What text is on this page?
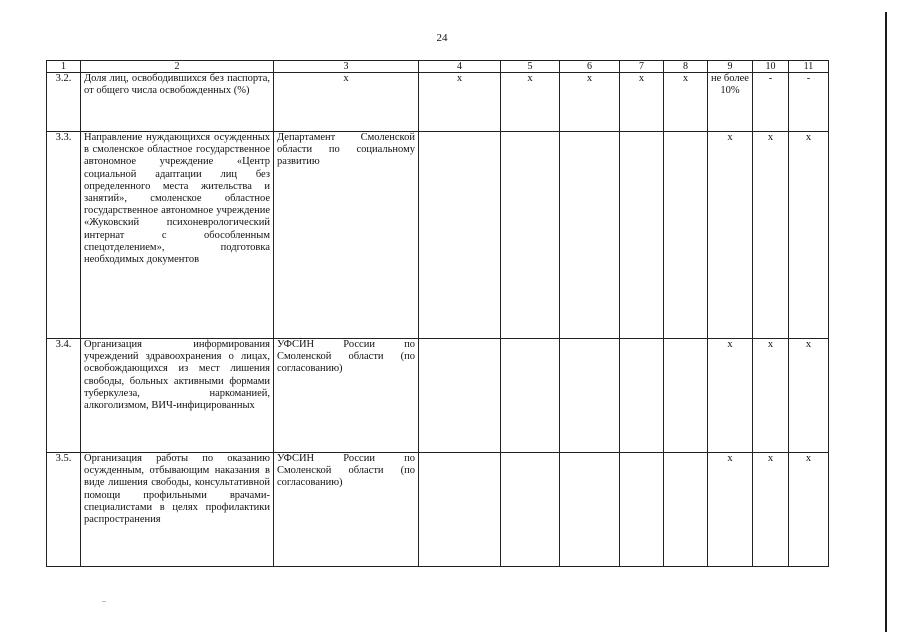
24
1	2	3	4	5	6	7	8	9	10	11
3.2.	Доля лиц, освободившихся без паспорта, от общего числа освобожденных (%)	x	x	x	x	x	x	не более 10%	-	-
3.3.	Направление нуждающихся осужденных в смоленское областное государственное автономное учреждение «Центр социальной адаптации лиц без определенного места жительства и занятий», смоленское областное государственное автономное учреждение «Жуковский психоневрологический интернат с обособленным спецотделением», подготовка необходимых документов	Департамент Смоленской области по социальному развитию						x	x	x
3.4.	Организация информирования учреждений здравоохранения о лицах, освобождающихся из мест лишения свободы, больных активными формами туберкулеза, наркоманией, алкоголизмом, ВИЧ-инфицированных	УФСИН России по Смоленской области (по согласованию)						x	x	x
3.5.	Организация работы по оказанию осужденным, отбывающим наказания в виде лишения свободы, консультативной помощи профильными врачами-специалистами в целях профилактики распространения	УФСИН России по Смоленской области (по согласованию)						x	x	x
